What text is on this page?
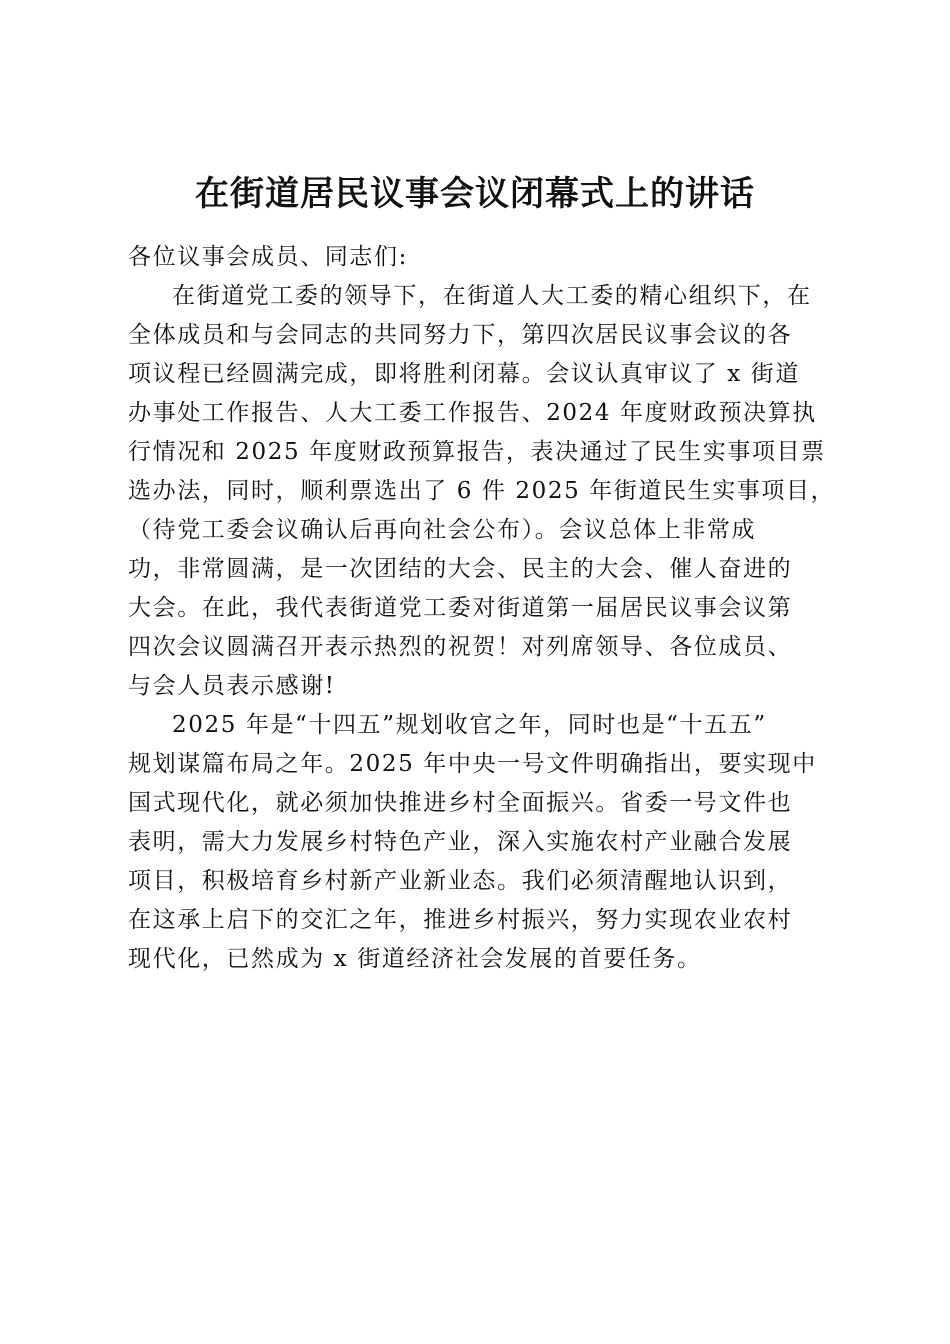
在街道居民议事会议闭幕式上的讲话
各位议事会成员、同志们:
在街道党工委的领导下，在街道人大工委的精心组织下，在
全体成员和与会同志的共同努力下，第四次居民议事会议的各
项议程已经圆满完成，即将胜利闭幕。会议认真审议了 x 街道
办事处工作报告、人大工委工作报告、2024 年度财政预决算执
行情况和 2025 年度财政预算报告，表决通过了民生实事项目票
选办法，同时，顺利票选出了 6 件 2025 年街道民生实事项目，
（待党工委会议确认后再向社会公布）。会议总体上非常成
功，非常圆满，是一次团结的大会、民主的大会、催人奋进的
大会。在此，我代表街道党工委对街道第一届居民议事会议第
四次会议圆满召开表示热烈的祝贺！对列席领导、各位成员、
与会人员表示感谢!
2025 年是“十四五”规划收官之年，同时也是“十五五”
规划谋篇布局之年。2025 年中央一号文件明确指出，要实现中
国式现代化，就必须加快推进乡村全面振兴。省委一号文件也
表明，需大力发展乡村特色产业，深入实施农村产业融合发展
项目，积极培育乡村新产业新业态。我们必须清醒地认识到，
在这承上启下的交汇之年，推进乡村振兴，努力实现农业农村
现代化，已然成为 x 街道经济社会发展的首要任务。
